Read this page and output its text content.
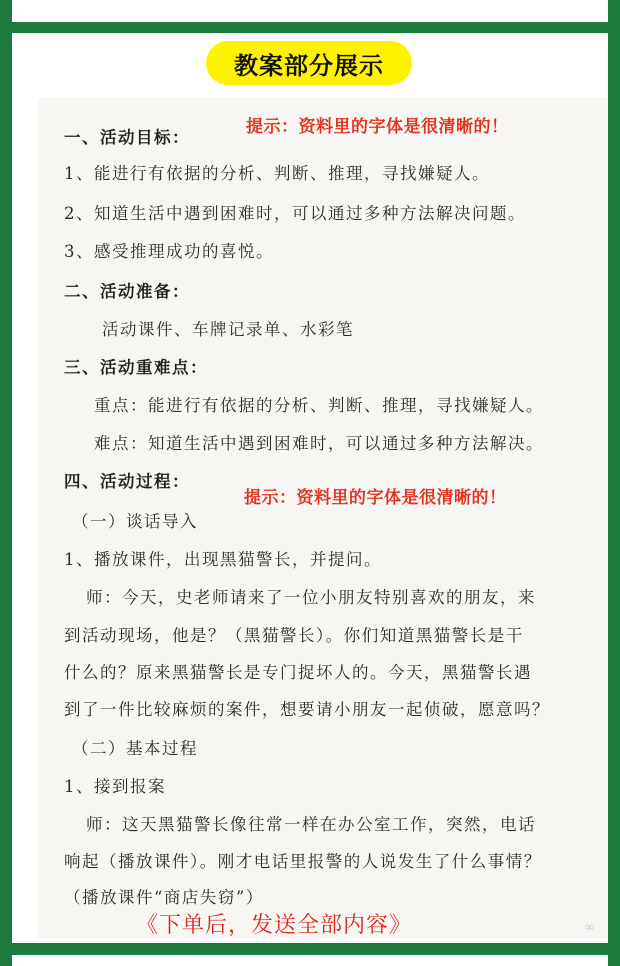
教案部分展示
一、活动目标：
提示：资料里的字体是很清晰的！
1、能进行有依据的分析、判断、推理，寻找嫌疑人。
2、知道生活中遇到困难时，可以通过多种方法解决问题。
3、感受推理成功的喜悦。
二、活动准备：
活动课件、车牌记录单、水彩笔
三、活动重难点：
重点：能进行有依据的分析、判断、推理，寻找嫌疑人。
难点：知道生活中遇到困难时，可以通过多种方法解决。
四、活动过程：
提示：资料里的字体是很清晰的！
（一）谈话导入
1、播放课件，出现黑猫警长，并提问。
师：今天，史老师请来了一位小朋友特别喜欢的朋友，来
到活动现场，他是？（黑猫警长）。你们知道黑猫警长是干
什么的？原来黑猫警长是专门捉坏人的。今天，黑猫警长遇
到了一件比较麻烦的案件，想要请小朋友一起侦破，愿意吗？
（二）基本过程
1、接到报案
师：这天黑猫警长像往常一样在办公室工作，突然，电话
响起（播放课件）。刚才电话里报警的人说发生了什么事情？
（播放课件“商店失窃”）
《下单后，发送全部内容》	∞
